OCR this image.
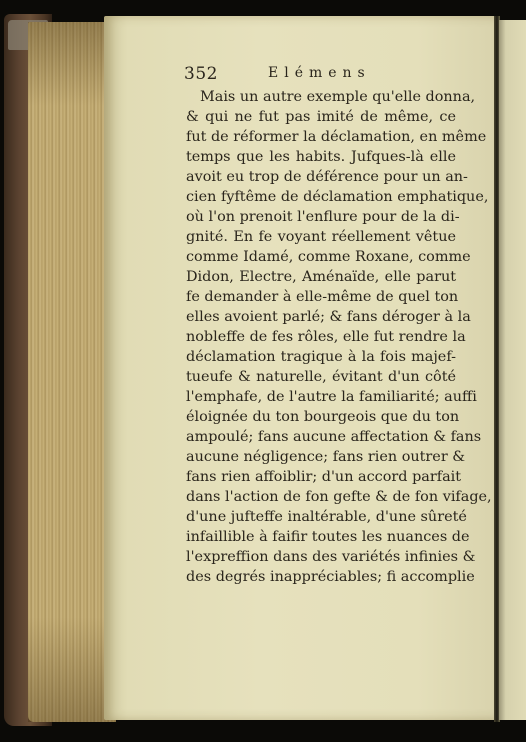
352	Elémens
Mais un autre exemple qu'elle donna,
& qui ne fut pas imité de même, ce
fut de réformer la déclamation, en même
temps que les habits. Jufques-là elle
avoit eu trop de déférence pour un an-
cien fyftême de déclamation emphatique,
où l'on prenoit l'enflure pour de la di-
gnité. En fe voyant réellement vêtue
comme Idamé, comme Roxane, comme
Didon, Electre, Aménaïde, elle parut
fe demander à elle-même de quel ton
elles avoient parlé; & fans déroger à la
nobleffe de fes rôles, elle fut rendre la
déclamation tragique à la fois majef-
tueufe & naturelle, évitant d'un côté
l'emphafe, de l'autre la familiarité; auffi
éloignée du ton bourgeois que du ton
ampoulé; fans aucune affectation & fans
aucune négligence; fans rien outrer &
fans rien affoiblir; d'un accord parfait
dans l'action de fon gefte & de fon vifage,
d'une jufteffe inaltérable, d'une sûreté
infaillible à faifir toutes les nuances de
l'expreffion dans des variétés infinies &
des degrés inappréciables; fi accomplie
